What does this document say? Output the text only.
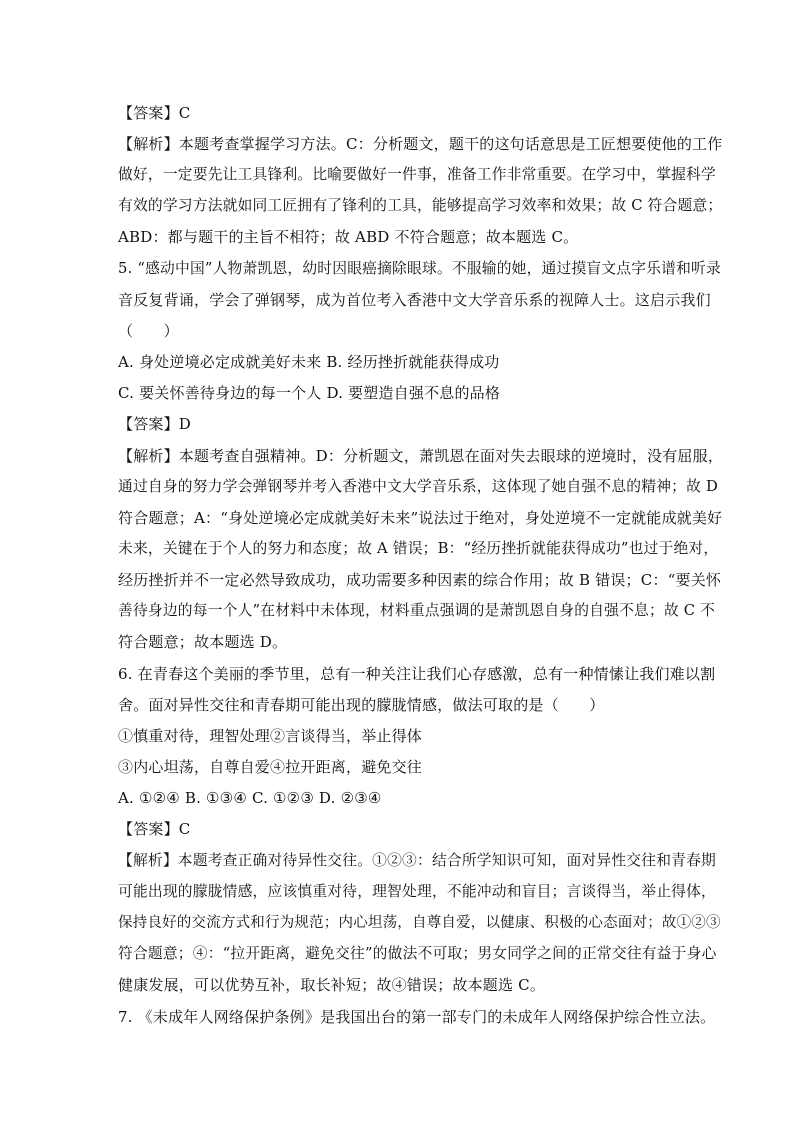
【答案】C
【解析】本题考查掌握学习方法。C：分析题文，题干的这句话意思是工匠想要使他的工作
做好，一定要先让工具锋利。比喻要做好一件事，准备工作非常重要。在学习中，掌握科学
有效的学习方法就如同工匠拥有了锋利的工具，能够提高学习效率和效果；故 C 符合题意；
ABD：都与题干的主旨不相符；故 ABD 不符合题意；故本题选 C。
5. “感动中国”人物萧凯恩，幼时因眼癌摘除眼球。不服输的她，通过摸盲文点字乐谱和听录
音反复背诵，学会了弹钢琴，成为首位考入香港中文大学音乐系的视障人士。这启示我们
（　　）
A. 身处逆境必定成就美好未来 B. 经历挫折就能获得成功
C. 要关怀善待身边的每一个人 D. 要塑造自强不息的品格
【答案】D
【解析】本题考查自强精神。D：分析题文，萧凯恩在面对失去眼球的逆境时，没有屈服，
通过自身的努力学会弹钢琴并考入香港中文大学音乐系，这体现了她自强不息的精神；故 D
符合题意；A：“身处逆境必定成就美好未来”说法过于绝对，身处逆境不一定就能成就美好
未来，关键在于个人的努力和态度；故 A 错误；B：“经历挫折就能获得成功”也过于绝对，
经历挫折并不一定必然导致成功，成功需要多种因素的综合作用；故 B 错误；C：“要关怀
善待身边的每一个人”在材料中未体现，材料重点强调的是萧凯恩自身的自强不息；故 C 不
符合题意；故本题选 D。
6. 在青春这个美丽的季节里，总有一种关注让我们心存感激，总有一种情愫让我们难以割
舍。面对异性交往和青春期可能出现的朦胧情感，做法可取的是（　　）
①慎重对待，理智处理②言谈得当，举止得体
③内心坦荡，自尊自爱④拉开距离，避免交往
A. ①②④ B. ①③④ C. ①②③ D. ②③④
【答案】C
【解析】本题考查正确对待异性交往。①②③：结合所学知识可知，面对异性交往和青春期
可能出现的朦胧情感，应该慎重对待，理智处理，不能冲动和盲目；言谈得当，举止得体，
保持良好的交流方式和行为规范；内心坦荡，自尊自爱，以健康、积极的心态面对；故①②③
符合题意；④：“拉开距离，避免交往”的做法不可取；男女同学之间的正常交往有益于身心
健康发展，可以优势互补，取长补短；故④错误；故本题选 C。
7. 《未成年人网络保护条例》是我国出台的第一部专门的未成年人网络保护综合性立法。
